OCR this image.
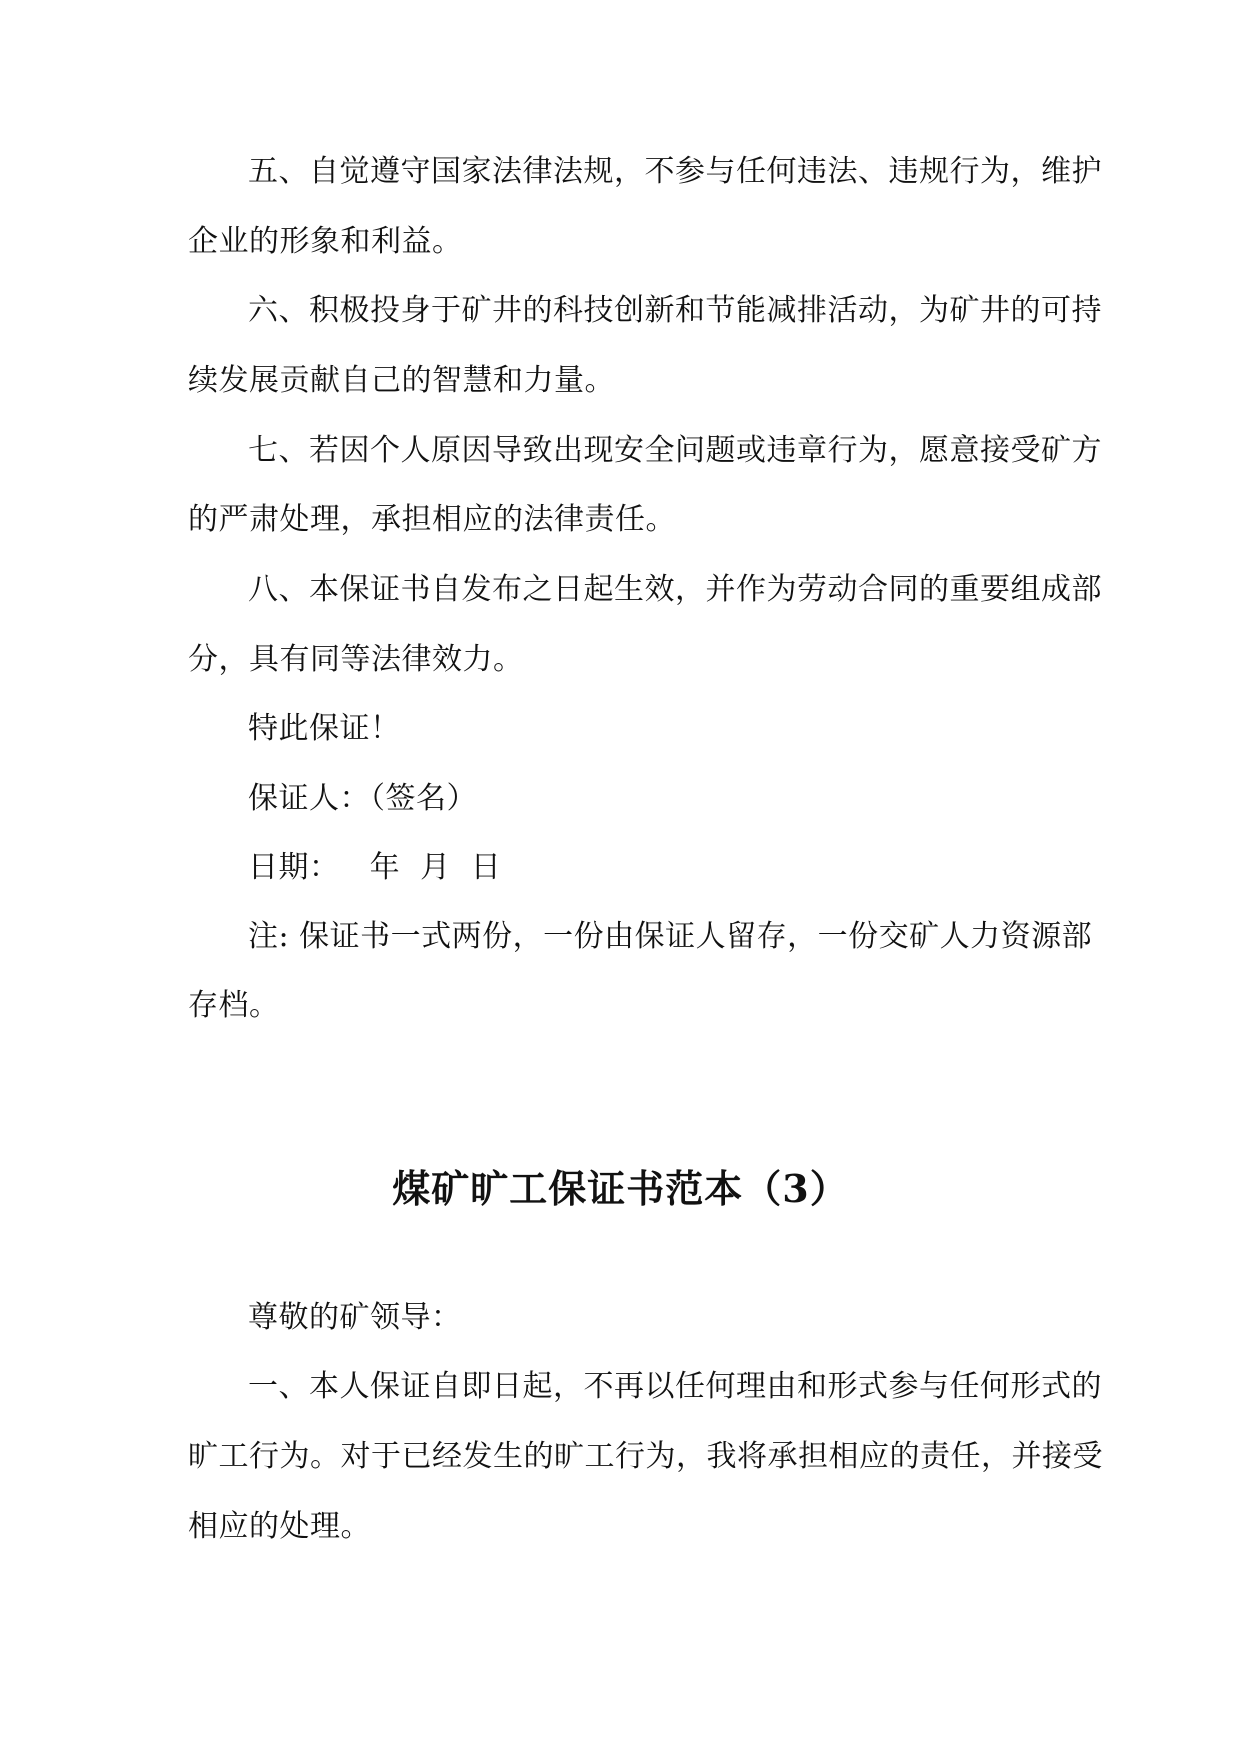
五、自觉遵守国家法律法规，不参与任何违法、违规行为，维护
企业的形象和利益。
六、积极投身于矿井的科技创新和节能减排活动，为矿井的可持
续发展贡献自己的智慧和力量。
七、若因个人原因导致出现安全问题或违章行为，愿意接受矿方
的严肃处理，承担相应的法律责任。
八、本保证书自发布之日起生效，并作为劳动合同的重要组成部
分，具有同等法律效力。
特此保证！
保证人：（签名）
日期：   年  月  日
注: 保证书一式两份，一份由保证人留存，一份交矿人力资源部
存档。
煤矿旷工保证书范本（3）
尊敬的矿领导：
一、本人保证自即日起，不再以任何理由和形式参与任何形式的
旷工行为。对于已经发生的旷工行为，我将承担相应的责任，并接受
相应的处理。
